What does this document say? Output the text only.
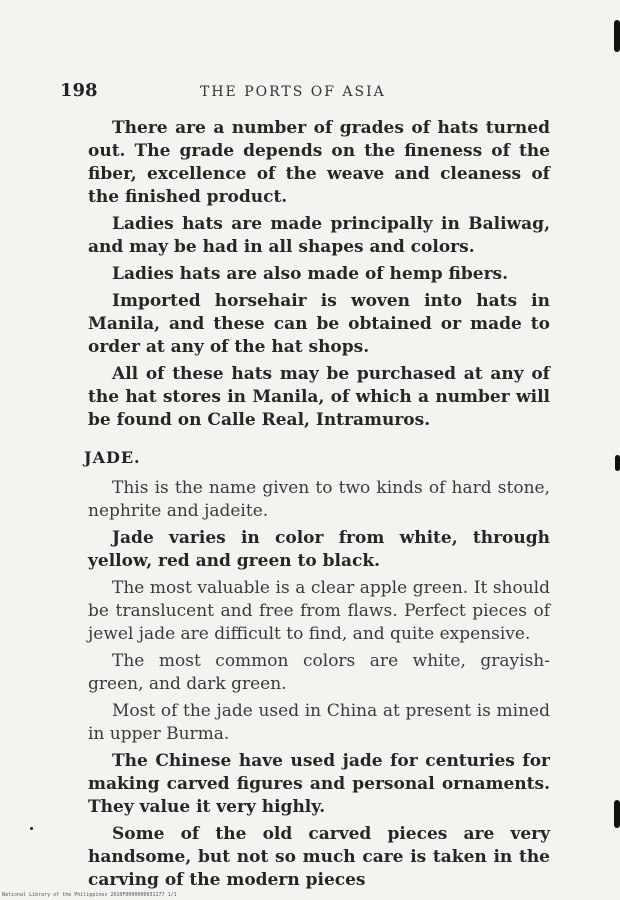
198	THE PORTS OF ASIA

There are a number of grades of hats turned out. The grade depends on the fineness of the fiber, excellence of the weave and cleaness of the finished product.

Ladies hats are made principally in Baliwag, and may be had in all shapes and colors.

Ladies hats are also made of hemp fibers.

Imported horsehair is woven into hats in Manila, and these can be obtained or made to order at any of the hat shops.

All of these hats may be purchased at any of the hat stores in Manila, of which a number will be found on Calle Real, Intramuros.

JADE.

This is the name given to two kinds of hard stone, nephrite and jadeite.

Jade varies in color from white, through yellow, red and green to black.

The most valuable is a clear apple green. It should be translucent and free from flaws. Perfect pieces of jewel jade are difficult to find, and quite expensive.

The most common colors are white, grayish-green, and dark green.

Most of the jade used in China at present is mined in upper Burma.

The Chinese have used jade for centuries for making carved figures and personal ornaments. They value it very highly.

Some of the old carved pieces are very handsome, but not so much care is taken in the carving of the modern pieces

National Library of the Philippines 2010F0000000031177 1/1
